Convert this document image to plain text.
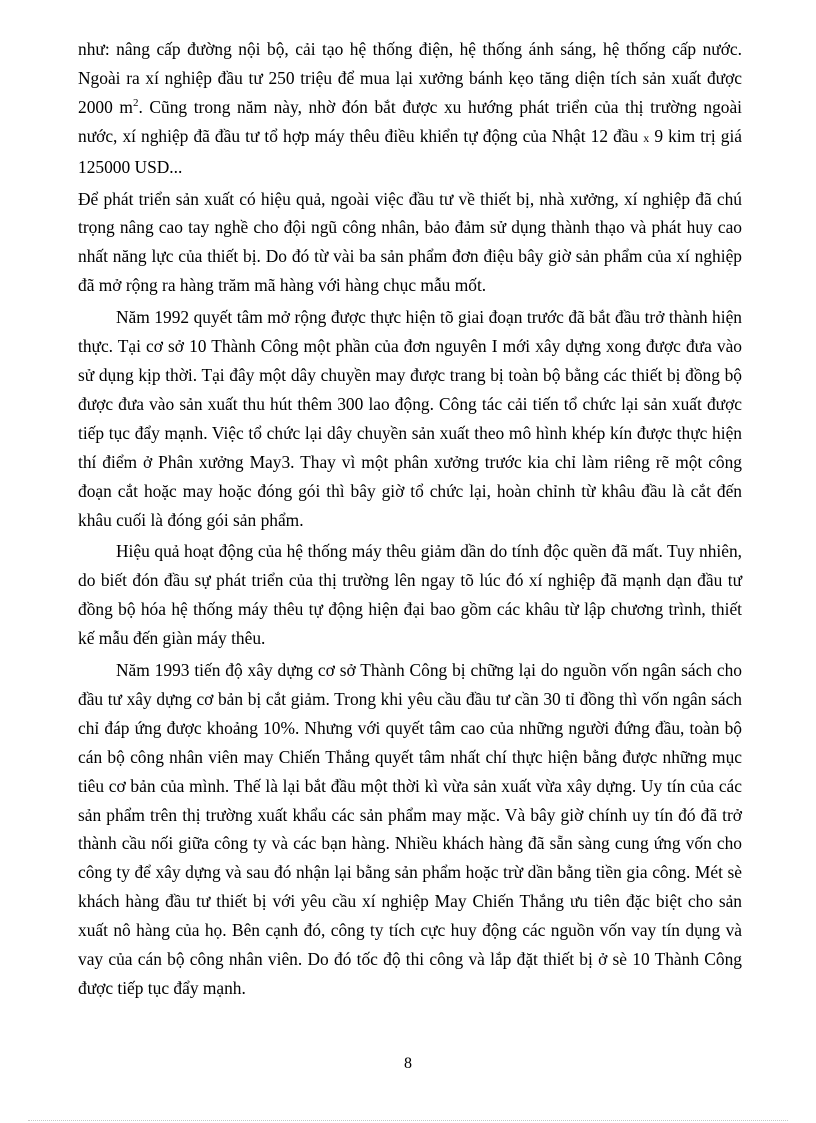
như: nâng cấp đường nội bộ, cải tạo hệ thống điện, hệ thống ánh sáng, hệ thống cấp nước. Ngoài ra xí nghiệp đầu tư 250 triệu để mua lại xưởng bánh kẹo tăng diện tích sản xuất được 2000 $m^2$. Cũng trong năm này, nhờ đón bắt được xu hướng phát triển của thị trường ngoài nước, xí nghiệp đã đầu tư tổ hợp máy thêu điều khiển tự động của Nhật 12 đầu x 9 kim trị giá 125000 USD...

Để phát triển sản xuất có hiệu quả, ngoài việc đầu tư về thiết bị, nhà xưởng, xí nghiệp đã chú trọng nâng cao tay nghề cho đội ngũ công nhân, bảo đảm sử dụng thành thạo và phát huy cao nhất năng lực của thiết bị. Do đó từ vài ba sản phẩm đơn điệu bây giờ sản phẩm của xí nghiệp đã mở rộng ra hàng trăm mã hàng với hàng chục mẫu mốt.

Năm 1992 quyết tâm mở rộng được thực hiện tõ giai đoạn trước đã bắt đầu trở thành hiện thực. Tại cơ sở 10 Thành Công một phần của đơn nguyên I mới xây dựng xong được đưa vào sử dụng kịp thời. Tại đây một dây chuyền may được trang bị toàn bộ bằng các thiết bị đồng bộ được đưa vào sản xuất thu hút thêm 300 lao động. Công tác cải tiến tổ chức lại sản xuất được tiếp tục đẩy mạnh. Việc tổ chức lại dây chuyền sản xuất theo mô hình khép kín được thực hiện thí điểm ở Phân xưởng May3. Thay vì một phân xưởng trước kia chỉ làm riêng rẽ một công đoạn cắt hoặc may hoặc đóng gói thì bây giờ tổ chức lại, hoàn chỉnh từ khâu đầu là cắt đến khâu cuối là đóng gói sản phẩm.

Hiệu quả hoạt động của hệ thống máy thêu giảm dần do tính độc quền đã mất. Tuy nhiên, do biết đón đầu sự phát triển của thị trường lên ngay tõ lúc đó xí nghiệp đã mạnh dạn đầu tư đồng bộ hóa hệ thống máy thêu tự động hiện đại bao gồm các khâu từ lập chương trình, thiết kế mẫu đến giàn máy thêu.

Năm 1993 tiến độ xây dựng cơ sở Thành Công bị chững lại do nguồn vốn ngân sách cho đầu tư xây dựng cơ bản bị cắt giảm. Trong khi yêu cầu đầu tư cần 30 tỉ đồng thì vốn ngân sách chỉ đáp ứng được khoảng 10%. Nhưng với quyết tâm cao của những người đứng đầu, toàn bộ cán bộ công nhân viên may Chiến Thắng quyết tâm nhất chí thực hiện bằng được những mục tiêu cơ bản của mình. Thế là lại bắt đầu một thời kì vừa sản xuất vừa xây dựng. Uy tín của các sản phẩm trên thị trường xuất khẩu các sản phẩm may mặc. Và bây giờ chính uy tín đó đã trở thành cầu nối giữa công ty và các bạn hàng. Nhiều khách hàng đã sẵn sàng cung ứng vốn cho công ty để xây dựng và sau đó nhận lại bằng sản phẩm hoặc trừ dần bằng tiền gia công. Mét sè khách hàng đầu tư thiết bị với yêu cầu xí nghiệp May Chiến Thắng ưu tiên đặc biệt cho sản xuất nô hàng của họ. Bên cạnh đó, công ty tích cực huy động các nguồn vốn vay tín dụng và vay của cán bộ công nhân viên. Do đó tốc độ thi công và lắp đặt thiết bị ở sè 10 Thành Công được tiếp tục đẩy mạnh.

8
